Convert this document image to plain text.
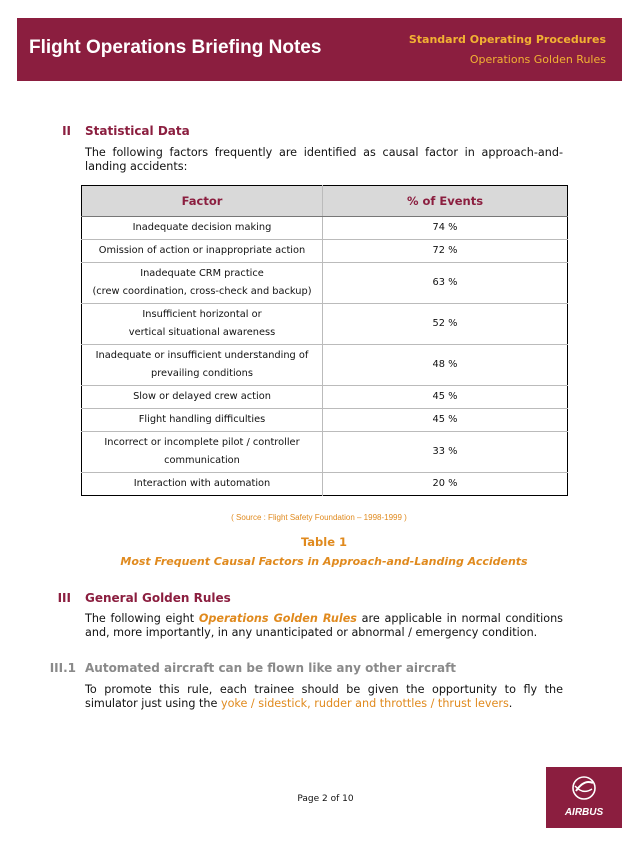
Flight Operations Briefing Notes	Standard Operating Procedures
Operations Golden Rules
II Statistical Data
The following factors frequently are identified as causal factor in approach-and-landing accidents:
Factor	% of Events

Inadequate decision making	74 %

Omission of action or inappropriate action	72 %

Inadequate CRM practice
(crew coordination, cross-check and backup)	63 %

Insufficient horizontal or
vertical situational awareness	52 %

Inadequate or insufficient understanding of
prevailing conditions	48 %

Slow or delayed crew action	45 %

Flight handling difficulties	45 %

Incorrect or incomplete pilot / controller
communication	33 %

Interaction with automation	20 %
( Source : Flight Safety Foundation – 1998-1999 )
Table 1
Most Frequent Causal Factors in Approach-and-Landing Accidents
III General Golden Rules
The following eight Operations Golden Rules are applicable in normal conditions and, more importantly, in any unanticipated or abnormal / emergency condition.
III.1 Automated aircraft can be flown like any other aircraft
To promote this rule, each trainee should be given the opportunity to fly the simulator just using the yoke / sidestick, rudder and throttles / thrust levers.
Page 2 of 10
AIRBUS
